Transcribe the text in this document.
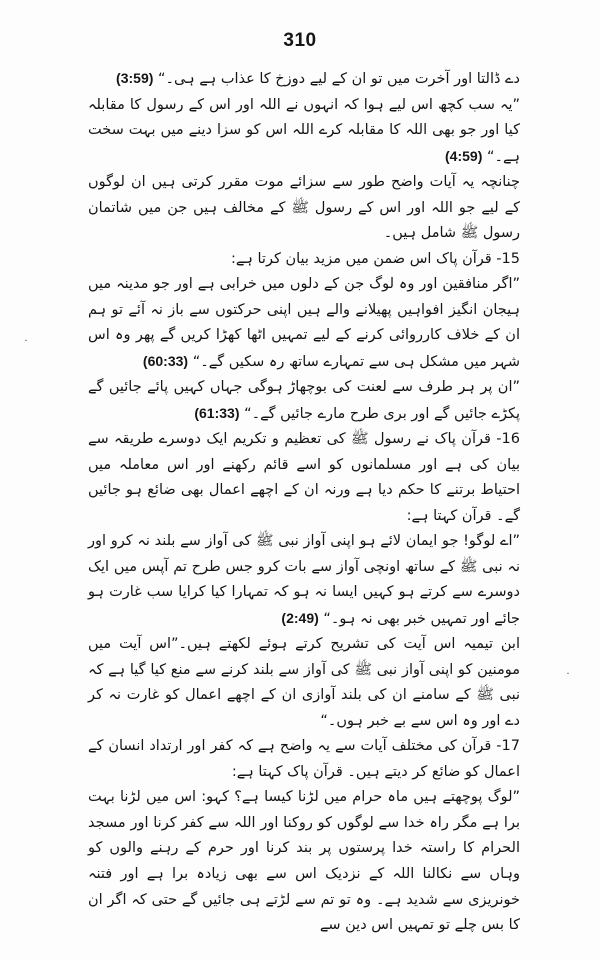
310
·
·

دے ڈالتا اور آخرت میں تو ان کے لیے دوزخ کا عذاب ہے ہی۔“ (3:59)

”یہ سب کچھ اس لیے ہوا کہ انہوں نے اللہ اور اس کے رسول کا مقابلہ کیا اور جو بھی اللہ کا مقابلہ کرے اللہ اس کو سزا دینے میں بہت سخت ہے۔“ (4:59)

چنانچہ یہ آیات واضح طور سے سزائے موت مقرر کرتی ہیں ان لوگوں کے لیے جو اللہ اور اس کے رسول ﷺ کے مخالف ہیں جن میں شاتمان رسول ﷺ شامل ہیں۔

15- قرآن پاک اس ضمن میں مزید بیان کرتا ہے:

”اگر منافقین اور وہ لوگ جن کے دلوں میں خرابی ہے اور جو مدینہ میں ہیجان انگیز افواہیں پھیلانے والے ہیں اپنی حرکتوں سے باز نہ آئے تو ہم ان کے خلاف کارروائی کرنے کے لیے تمہیں اٹھا کھڑا کریں گے پھر وہ اس شہر میں مشکل ہی سے تمہارے ساتھ رہ سکیں گے۔“ (60:33)

”ان پر ہر طرف سے لعنت کی بوچھاڑ ہوگی جہاں کہیں پائے جائیں گے پکڑے جائیں گے اور بری طرح مارے جائیں گے۔“ (61:33)

16- قرآن پاک نے رسول ﷺ کی تعظیم و تکریم ایک دوسرے طریقہ سے بیان کی ہے اور مسلمانوں کو اسے قائم رکھنے اور اس معاملہ میں احتیاط برتنے کا حکم دیا ہے ورنہ ان کے اچھے اعمال بھی ضائع ہو جائیں گے۔ قرآن کہتا ہے:

”اے لوگو! جو ایمان لائے ہو اپنی آواز نبی ﷺ کی آواز سے بلند نہ کرو اور نہ نبی ﷺ کے ساتھ اونچی آواز سے بات کرو جس طرح تم آپس میں ایک دوسرے سے کرتے ہو کہیں ایسا نہ ہو کہ تمہارا کیا کرایا سب غارت ہو جائے اور تمہیں خبر بھی نہ ہو۔“ (2:49)

ابن تیمیہ اس آیت کی تشریح کرتے ہوئے لکھتے ہیں۔”اس آیت میں مومنین کو اپنی آواز نبی ﷺ کی آواز سے بلند کرنے سے منع کیا گیا ہے کہ نبی ﷺ کے سامنے ان کی بلند آوازی ان کے اچھے اعمال کو غارت نہ کر دے اور وہ اس سے بے خبر ہوں۔“

17- قرآن کی مختلف آیات سے یہ واضح ہے کہ کفر اور ارتداد انسان کے اعمال کو ضائع کر دیتے ہیں۔ قرآن پاک کہتا ہے:

”لوگ پوچھتے ہیں ماہ حرام میں لڑنا کیسا ہے؟ کہو: اس میں لڑنا بہت برا ہے مگر راہ خدا سے لوگوں کو روکنا اور اللہ سے کفر کرنا اور مسجد الحرام کا راستہ خدا پرستوں پر بند کرنا اور حرم کے رہنے والوں کو وہاں سے نکالنا اللہ کے نزدیک اس سے بھی زیادہ برا ہے اور فتنہ خونریزی سے شدید ہے۔ وہ تو تم سے لڑتے ہی جائیں گے حتی کہ اگر ان کا بس چلے تو تمہیں اس دین سے
